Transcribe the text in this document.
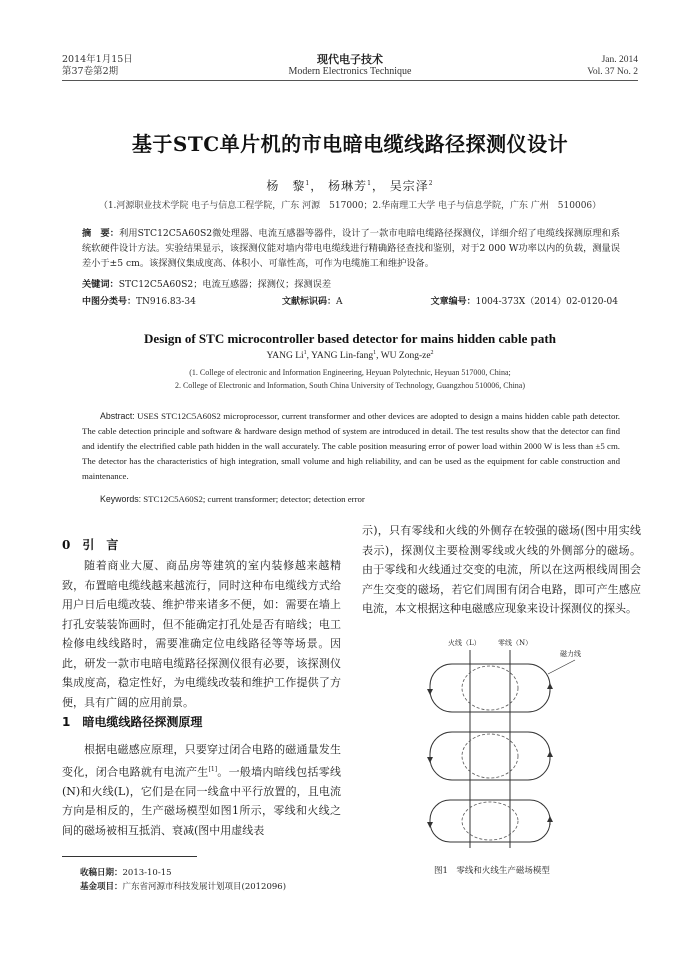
2014年1月15日
第37卷第2期
现代电子技术
Modern Electronics Technique
Jan. 2014
Vol. 37 No. 2
基于STC单片机的市电暗电缆线路径探测仪设计
杨　黎$^1$， 杨琳芳$^1$， 吴宗泽$^2$
（1.河源职业技术学院 电子与信息工程学院，广东 河源　517000；2.华南理工大学 电子与信息学院，广东 广州　510006）
摘　要：利用STC12C5A60S2微处理器、电流互感器等器件，设计了一款市电暗电缆路径探测仪，详细介绍了电缆线探测原理和系统软硬件设计方法。实验结果显示，该探测仪能对墙内带电电缆线进行精确路径查找和鉴别，对于2 000 W功率以内的负载，测量误差小于±5 cm。该探测仪集成度高、体积小、可靠性高，可作为电缆施工和维护设备。
关键词：STC12C5A60S2；电流互感器；探测仪；探测误差
中图分类号：TN916.83-34	文献标识码：A	文章编号：1004-373X（2014）02-0120-04
Design of STC microcontroller based detector for mains hidden cable path
YANG Li$^1$, YANG Lin-fang$^1$, WU Zong-$ze^2$
(1. College of electronic and Information Engineering, Heyuan Polytechnic, Heyuan 517000, China;
2. College of Electronic and Information, South China University of Technology, Guangzhou 510006, China)
Abstract: USES STC12C5A60S2 microprocessor, current transformer and other devices are adopted to design a mains hidden cable path detector. The cable detection principle and software & hardware design method of system are introduced in detail. The test results show that the detector can find and identify the electrified cable path hidden in the wall accurately. The cable position measuring error of power load within 2000 W is less than ±5 cm. The detector has the characteristics of high integration, small volume and high reliability, and can be used as the equipment for cable construction and maintenance.
Keywords: STC12C5A60S2; current transformer; detector; detection error
0　引　言
随着商业大厦、商品房等建筑的室内装修越来越精致，布置暗电缆线越来越流行，同时这种布电缆线方式给用户日后电缆改装、维护带来诸多不便，如：需要在墙上打孔安装装饰画时，但不能确定打孔处是否有暗线；电工检修电线线路时，需要准确定位电线路径等等场景。因此，研发一款市电暗电缆路径探测仪很有必要，该探测仪集成度高，稳定性好，为电缆线改装和维护工作提供了方便，具有广阔的应用前景。
1　暗电缆线路径探测原理
根据电磁感应原理，只要穿过闭合电路的磁通量发生变化，闭合电路就有电流产生[1]。一般墙内暗线包括零线(N)和火线(L)，它们是在同一线盒中平行放置的，且电流方向是相反的，生产磁场模型如图1所示，零线和火线之间的磁场被相互抵消、衰减(图中用虚线表
收稿日期：2013-10-15
基金项目：广东省河源市科技发展计划项目(2012096)
示)，只有零线和火线的外侧存在较强的磁场(图中用实线表示)，探测仪主要检测零线或火线的外侧部分的磁场。由于零线和火线通过交变的电流，所以在这两根线周围会产生交变的磁场，若它们周围有闭合电路，即可产生感应电流，本文根据这种电磁感应现象来设计探测仪的探头。
火线（L） 零线（N）
磁力线
图1　零线和火线生产磁场模型
